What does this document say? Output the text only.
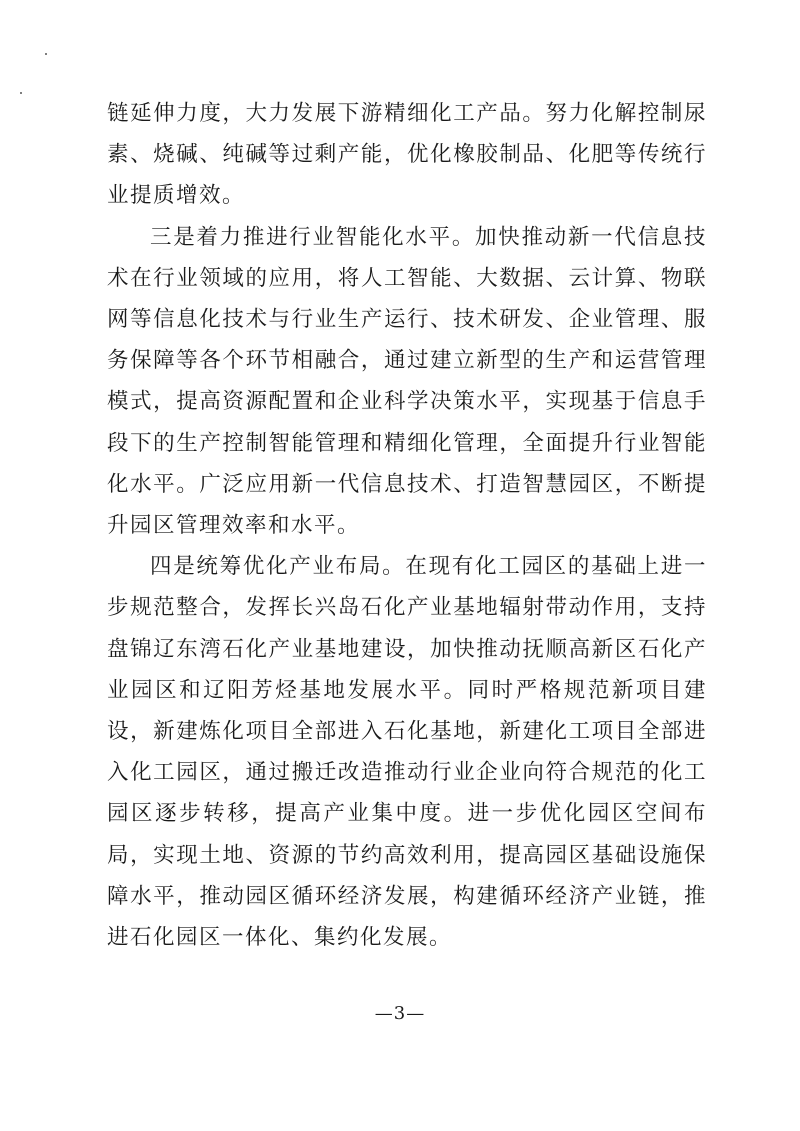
链延伸力度，大力发展下游精细化工产品。努力化解控制尿素、烧碱、纯碱等过剩产能，优化橡胶制品、化肥等传统行业提质增效。

三是着力推进行业智能化水平。加快推动新一代信息技术在行业领域的应用，将人工智能、大数据、云计算、物联网等信息化技术与行业生产运行、技术研发、企业管理、服务保障等各个环节相融合，通过建立新型的生产和运营管理模式，提高资源配置和企业科学决策水平，实现基于信息手段下的生产控制智能管理和精细化管理，全面提升行业智能化水平。广泛应用新一代信息技术、打造智慧园区，不断提升园区管理效率和水平。

四是统筹优化产业布局。在现有化工园区的基础上进一步规范整合，发挥长兴岛石化产业基地辐射带动作用，支持盘锦辽东湾石化产业基地建设，加快推动抚顺高新区石化产业园区和辽阳芳烃基地发展水平。同时严格规范新项目建设，新建炼化项目全部进入石化基地，新建化工项目全部进入化工园区，通过搬迁改造推动行业企业向符合规范的化工园区逐步转移，提高产业集中度。进一步优化园区空间布局，实现土地、资源的节约高效利用，提高园区基础设施保障水平，推动园区循环经济发展，构建循环经济产业链，推进石化园区一体化、集约化发展。

—3—
